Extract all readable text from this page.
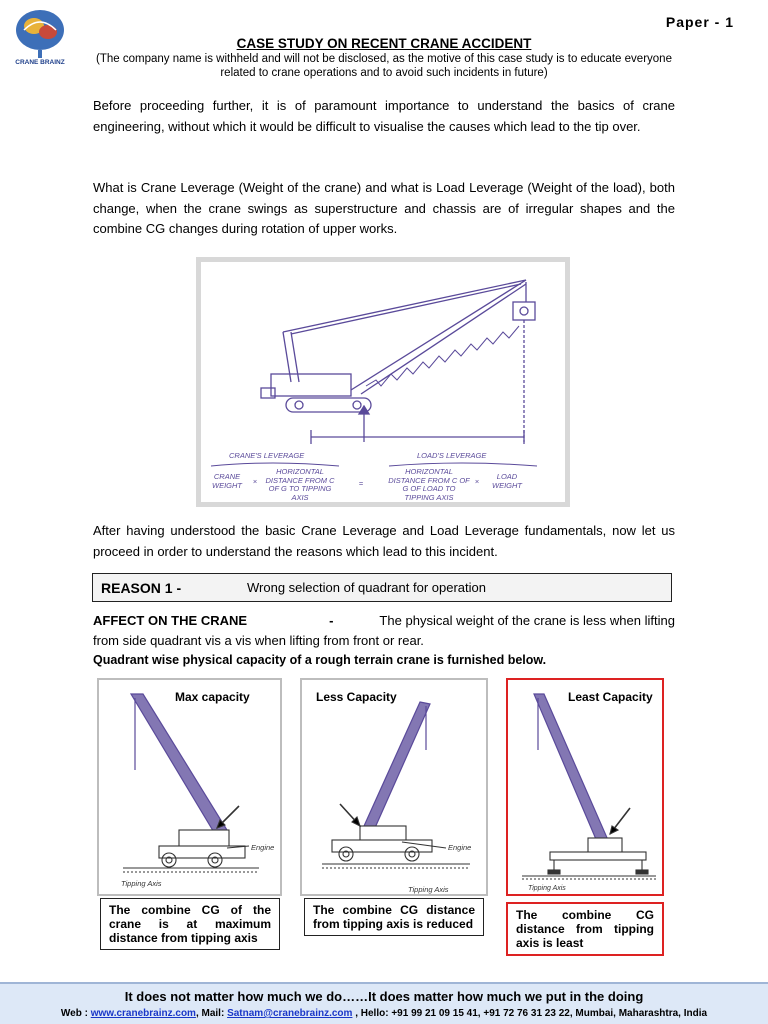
CRANE BRAINZ
Paper - 1
CASE STUDY ON RECENT CRANE ACCIDENT
(The company name is withheld and will not be disclosed, as the motive of this case study is to educate everyone related to crane operations and to avoid such incidents in future)
Before proceeding further, it is of paramount importance to understand the basics of crane engineering, without which it would be difficult to visualise the causes which lead to the tip over.
What is Crane Leverage (Weight of the crane) and what is Load Leverage (Weight of the load), both change, when the crane swings as superstructure and chassis are of irregular shapes and the combine CG changes during rotation of upper works.
CRANE'S LEVERAGE	LOAD'S LEVERAGE
CRANE WEIGHT	×
HORIZONTAL DISTANCE FROM C OF G TO TIPPING AXIS
=
HORIZONTAL DISTANCE FROM C OF G OF LOAD TO TIPPING AXIS
×
LOAD WEIGHT
After having understood the basic Crane Leverage and Load Leverage fundamentals, now let us proceed in order to understand the reasons which lead to this incident.
REASON 1 -	Wrong selection of quadrant for operation
AFFECT ON THE CRANE	-	The physical weight of the crane is less when lifting from side quadrant vis a vis when lifting from front or rear.
Quadrant wise physical capacity of a rough terrain crane is furnished below.
Max capacity
Engine
Tipping Axis
Less Capacity
Engine
Tipping Axis
Least Capacity
Tipping Axis
The combine CG of the crane is at maximum distance from tipping axis
The combine CG distance from tipping axis is reduced
The combine CG distance from tipping axis is least
It does not matter how much we do……It does matter how much we put in the doing
Web : www.cranebrainz.com, Mail: Satnam@cranebrainz.com , Hello: +91 99 21 09 15 41, +91 72 76 31 23 22, Mumbai, Maharashtra, India
